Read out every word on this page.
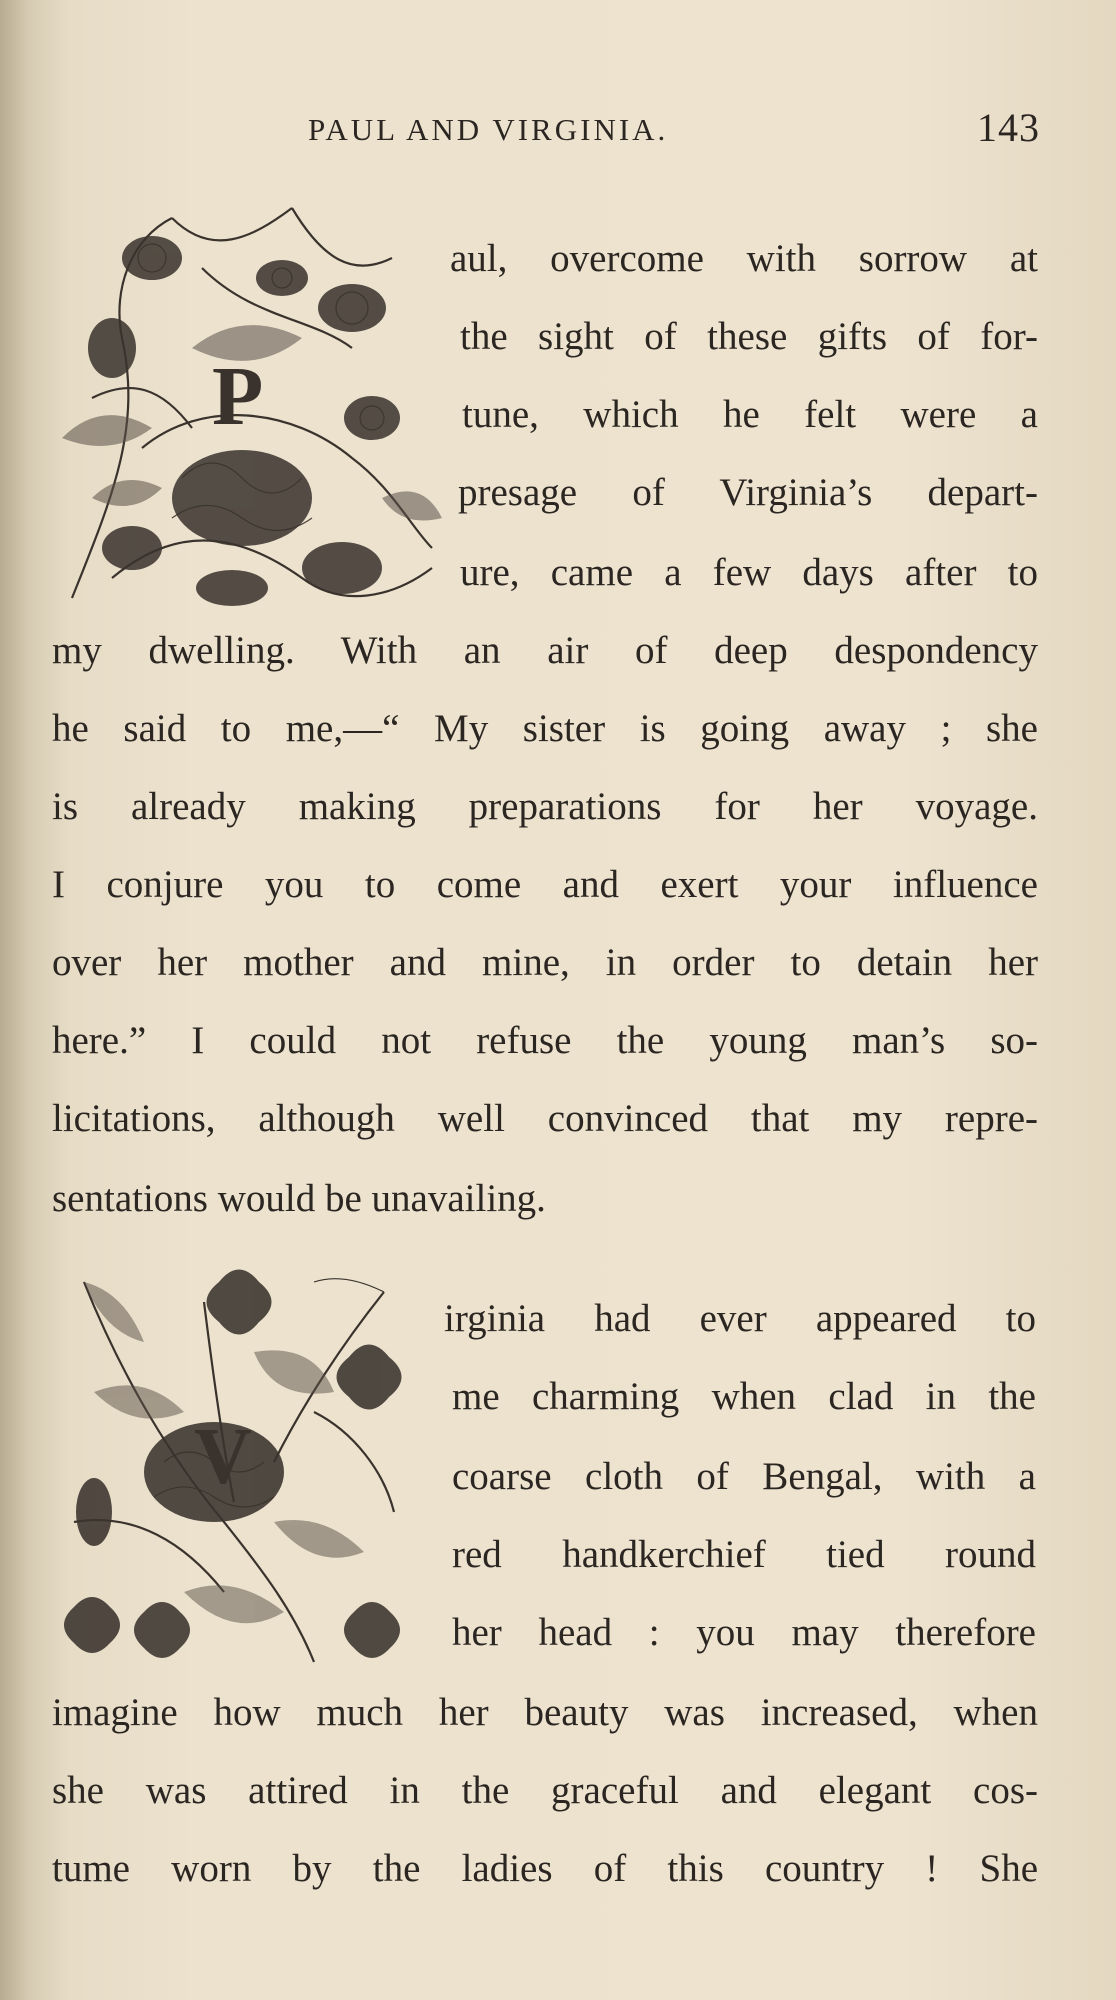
PAUL AND VIRGINIA.	143
P
aul, overcome with sorrow at
the sight of these gifts of for-
tune, which he felt were a
presage of Virginia’s depart-
ure, came a few days after to
my dwelling. With an air of deep despondency
he said to me,—“ My sister is going away ; she
is already making preparations for her voyage.
I conjure you to come and exert your influence
over her mother and mine, in order to detain her
here.” I could not refuse the young man’s so-
licitations, although well convinced that my repre-
sentations would be unavailing.
V
irginia had ever appeared to
me charming when clad in the
coarse cloth of Bengal, with a
red handkerchief tied round
her head : you may therefore
imagine how much her beauty was increased, when
she was attired in the graceful and elegant cos-
tume worn by the ladies of this country ! She
